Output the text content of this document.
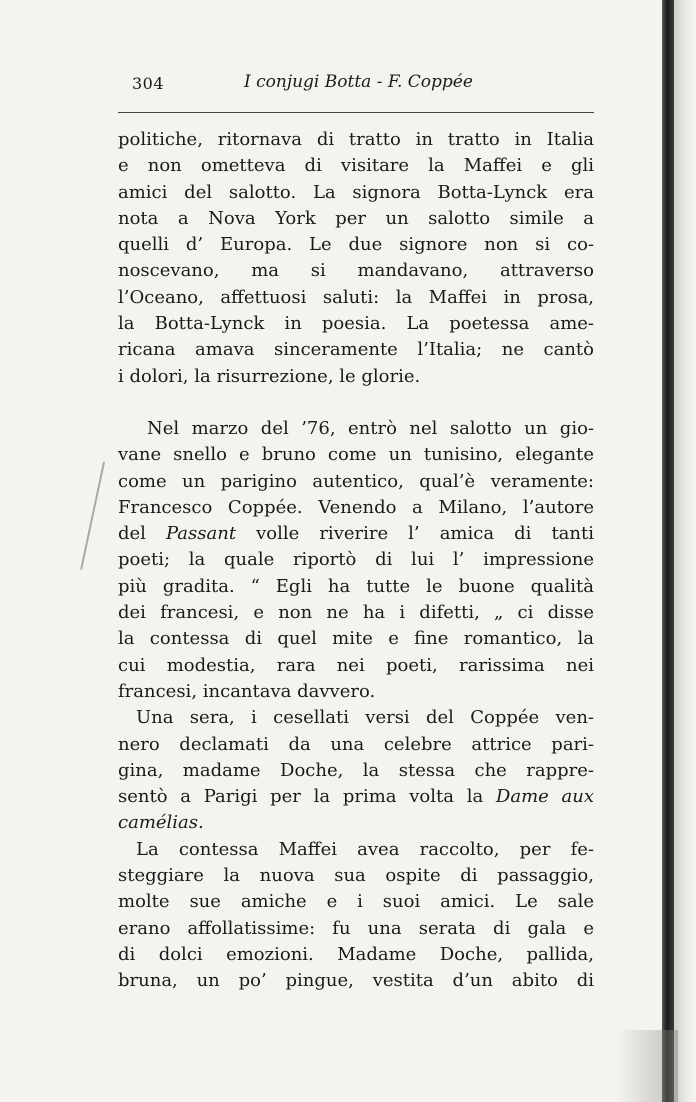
304	I conjugi Botta - F. Coppée
politiche, ritornava di tratto in tratto in Italia
e non ometteva di visitare la Maffei e gli
amici del salotto. La signora Botta-Lynck era
nota a Nova York per un salotto simile a
quelli d’ Europa. Le due signore non si co-
noscevano, ma si mandavano, attraverso
l’Oceano, affettuosi saluti: la Maffei in prosa,
la Botta-Lynck in poesia. La poetessa ame-
ricana amava sinceramente l’Italia; ne cantò
i dolori, la risurrezione, le glorie.
Nel marzo del ’76, entrò nel salotto un gio-
vane snello e bruno come un tunisino, elegante
come un parigino autentico, qual’è veramente:
Francesco Coppée. Venendo a Milano, l’autore
del Passant volle riverire l’ amica di tanti
poeti; la quale riportò di lui l’ impressione
più gradita. “ Egli ha tutte le buone qualità
dei francesi, e non ne ha i difetti, „ ci disse
la contessa di quel mite e fine romantico, la
cui modestia, rara nei poeti, rarissima nei
francesi, incantava davvero.
Una sera, i cesellati versi del Coppée ven-
nero declamati da una celebre attrice pari-
gina, madame Doche, la stessa che rappre-
sentò a Parigi per la prima volta la Dame aux
camélias.
La contessa Maffei avea raccolto, per fe-
steggiare la nuova sua ospite di passaggio,
molte sue amiche e i suoi amici. Le sale
erano affollatissime: fu una serata di gala e
di dolci emozioni. Madame Doche, pallida,
bruna, un po’ pingue, vestita d’un abito di
